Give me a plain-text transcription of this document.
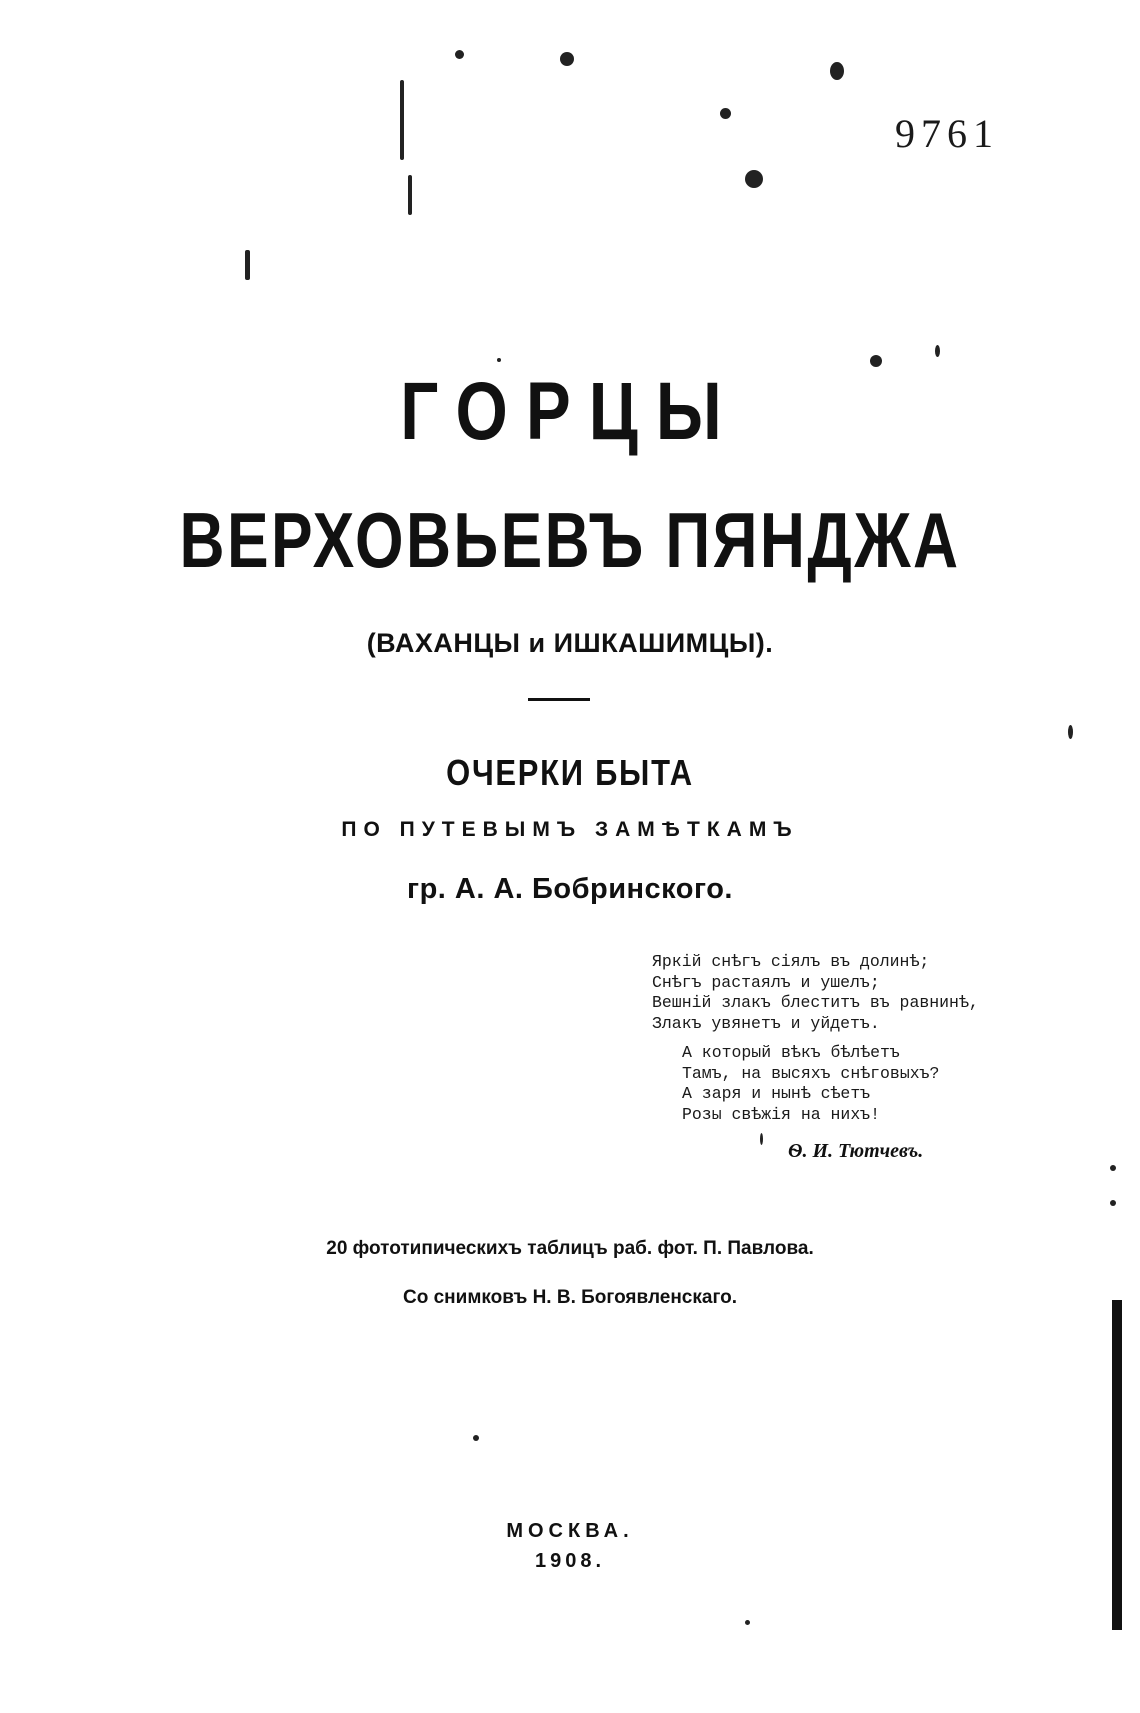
9761
ГОРЦЫ
ВЕРХОВЬЕВЪ ПЯНДЖА
(ВАХАНЦЫ и ИШКАШИМЦЫ).
ОЧЕРКИ БЫТА
ПО ПУТЕВЫМЪ ЗАМѢТКАМЪ
гр. А. А. Бобринского.
Яркій снѣгъ сіялъ въ долинѣ;
Снѣгъ растаялъ и ушелъ;
Вешній злакъ блеститъ въ равнинѣ,
Злакъ увянетъ и уйдетъ.
А который вѣкъ бѣлѣетъ
Тамъ, на высяхъ снѣговыхъ?
А заря и нынѣ сѣетъ
Розы свѣжія на нихъ!
Ѳ. И. Тютчевъ.
20 фототипическихъ таблицъ раб. фот. П. Павлова.
Со снимковъ Н. В. Богоявленскаго.
МОСКВА.
1908.
